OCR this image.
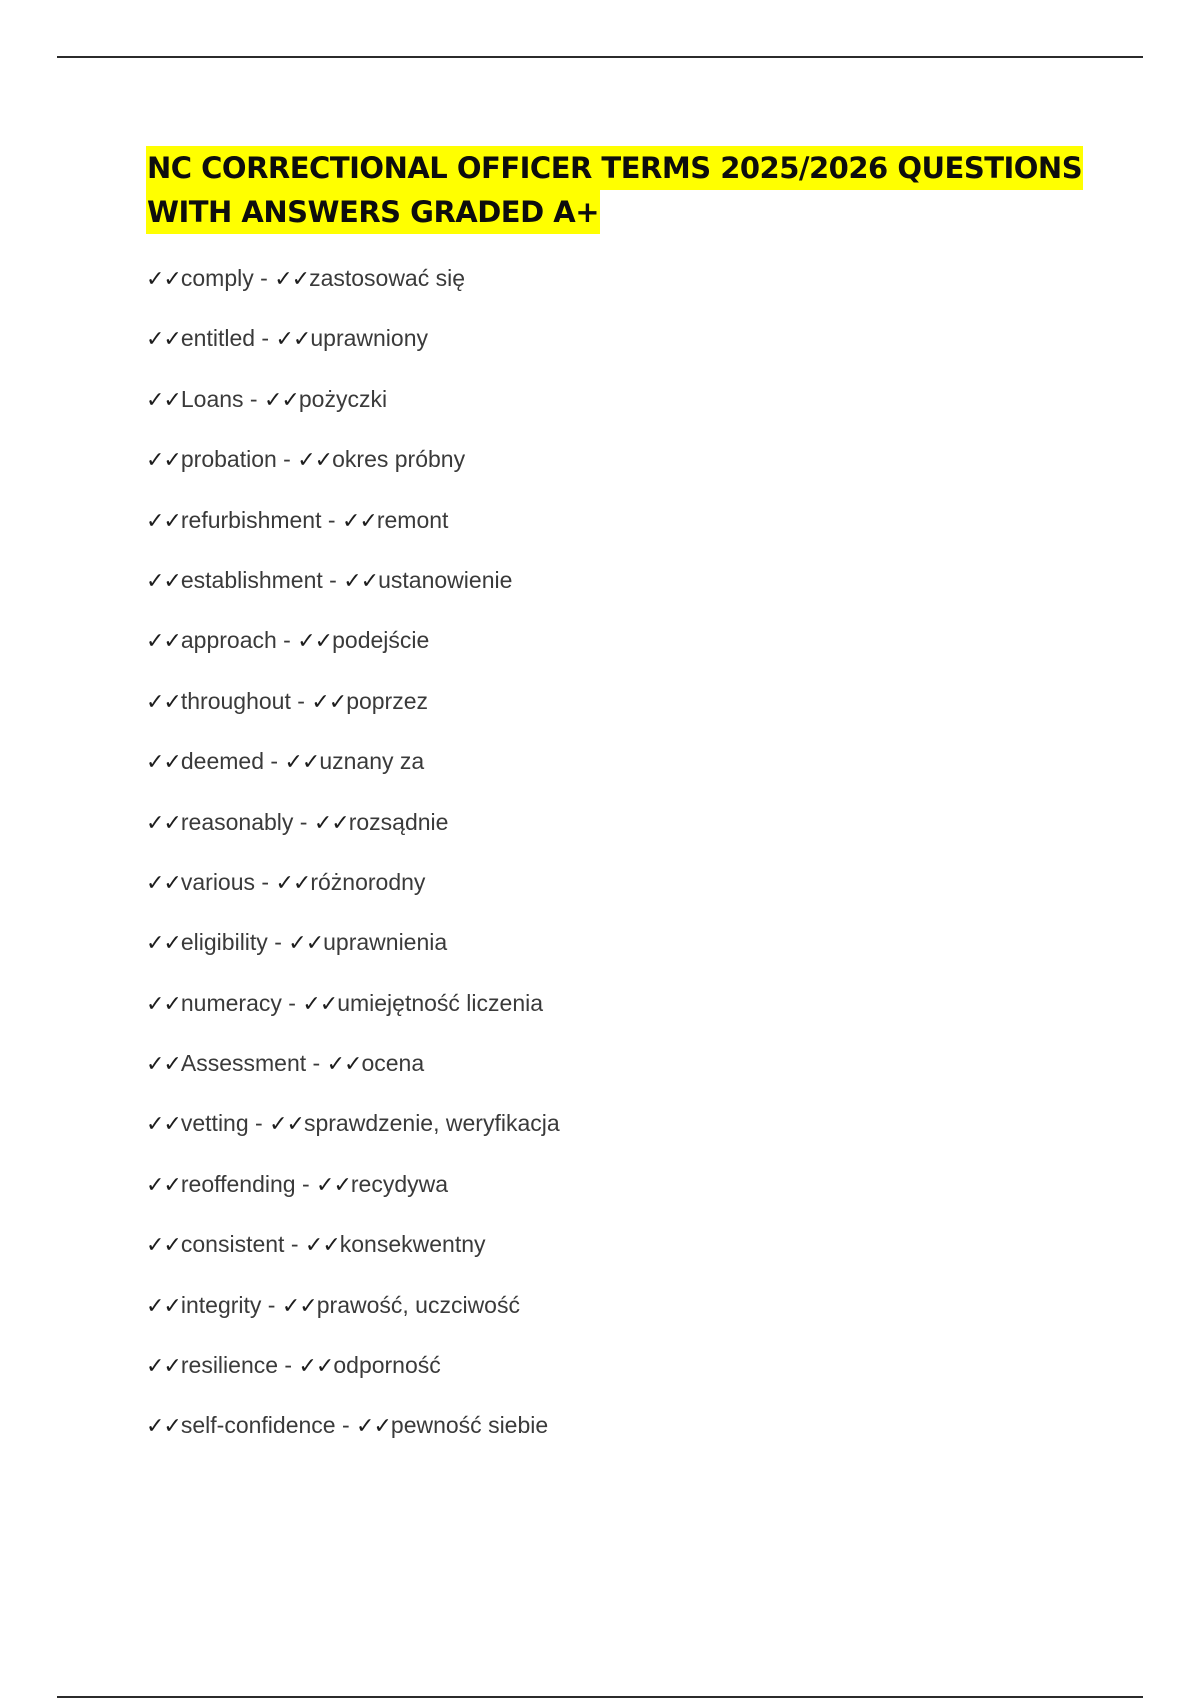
NC CORRECTIONAL OFFICER TERMS 2025/2026 QUESTIONS
WITH ANSWERS GRADED A+
✓✓comply - ✓✓zastosować się
✓✓entitled - ✓✓uprawniony
✓✓Loans - ✓✓pożyczki
✓✓probation - ✓✓okres próbny
✓✓refurbishment - ✓✓remont
✓✓establishment - ✓✓ustanowienie
✓✓approach - ✓✓podejście
✓✓throughout - ✓✓poprzez
✓✓deemed - ✓✓uznany za
✓✓reasonably - ✓✓rozsądnie
✓✓various - ✓✓różnorodny
✓✓eligibility - ✓✓uprawnienia
✓✓numeracy - ✓✓umiejętność liczenia
✓✓Assessment - ✓✓ocena
✓✓vetting - ✓✓sprawdzenie, weryfikacja
✓✓reoffending - ✓✓recydywa
✓✓consistent - ✓✓konsekwentny
✓✓integrity - ✓✓prawość, uczciwość
✓✓resilience - ✓✓odporność
✓✓self-confidence - ✓✓pewność siebie
